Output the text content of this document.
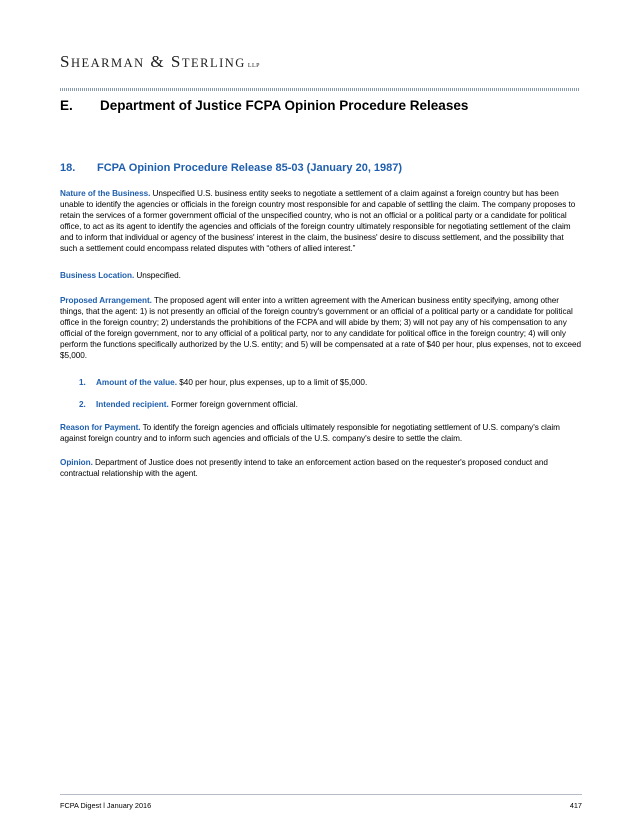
SHEARMAN & STERLING LLP
E. Department of Justice FCPA Opinion Procedure Releases
18. FCPA Opinion Procedure Release 85-03 (January 20, 1987)
Nature of the Business. Unspecified U.S. business entity seeks to negotiate a settlement of a claim against a foreign country but has been unable to identify the agencies or officials in the foreign country most responsible for and capable of settling the claim. The company proposes to retain the services of a former government official of the unspecified country, who is not an official or a political party or a candidate for political office, to act as its agent to identify the agencies and officials of the foreign country ultimately responsible for negotiating settlement of the claim and to inform that individual or agency of the business' interest in the claim, the business' desire to discuss settlement, and the possibility that such a settlement could encompass related disputes with “others of allied interest.”
Business Location. Unspecified.
Proposed Arrangement. The proposed agent will enter into a written agreement with the American business entity specifying, among other things, that the agent: 1) is not presently an official of the foreign country's government or an official of a political party or a candidate for political office in the foreign country; 2) understands the prohibitions of the FCPA and will abide by them; 3) will not pay any of his compensation to any official of the foreign government, nor to any official of a political party, nor to any candidate for political office in the foreign country; 4) will only perform the functions specifically authorized by the U.S. entity; and 5) will be compensated at a rate of $40 per hour, plus expenses, not to exceed $5,000.
1. Amount of the value. $40 per hour, plus expenses, up to a limit of $5,000.
2. Intended recipient. Former foreign government official.
Reason for Payment. To identify the foreign agencies and officials ultimately responsible for negotiating settlement of U.S. company's claim against foreign country and to inform such agencies and officials of the U.S. company's desire to settle the claim.
Opinion. Department of Justice does not presently intend to take an enforcement action based on the requester's proposed conduct and contractual relationship with the agent.
FCPA Digest l January 2016	417
